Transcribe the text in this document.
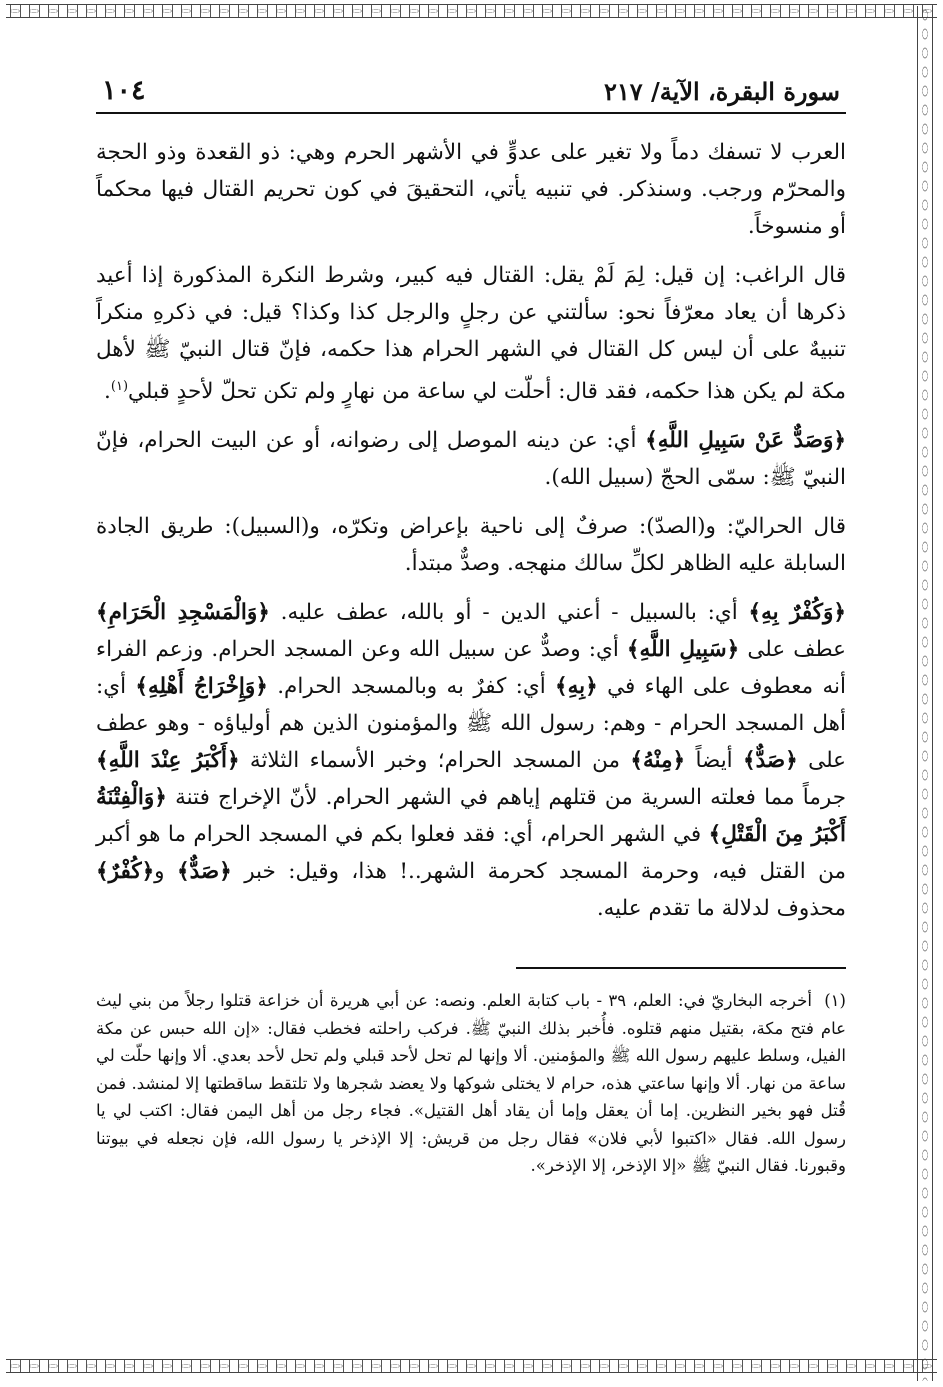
سورة البقرة، الآية/ ٢١٧
١٠٤

العرب لا تسفك دماً ولا تغير على عدوٍّ في الأشهر الحرم وهي: ذو القعدة وذو الحجة والمحرّم ورجب. وسنذكر. في تنبيه يأتي، التحقيقَ في كون تحريم القتال فيها محكماً أو منسوخاً.

قال الراغب: إن قيل: لِمَ لَمْ يقل: القتال فيه كبير، وشرط النكرة المذكورة إذا أعيد ذكرها أن يعاد معرّفاً نحو: سألتني عن رجلٍ والرجل كذا وكذا؟ قيل: في ذكرهِ منكراً تنبيهٌ على أن ليس كل القتال في الشهر الحرام هذا حكمه، فإنّ قتال النبيّ ﷺ لأهل مكة لم يكن هذا حكمه، فقد قال: أحلّت لي ساعة من نهارٍ ولم تكن تحلّ لأحدٍ قبلي$^{(١)}$.

﴿وَصَدٌّ عَنْ سَبِيلِ اللَّهِ﴾ أي: عن دينه الموصل إلى رضوانه، أو عن البيت الحرام، فإنّ النبيّ ﷺ: سمّى الحجّ (سبيل الله).

قال الحراليّ: و(الصدّ): صرفٌ إلى ناحية بإعراض وتكرّه، و(السبيل): طريق الجادة السابلة عليه الظاهر لكلِّ سالك منهجه. وصدٌّ مبتدأ.

﴿وَكُفْرٌ بِهِ﴾ أي: بالسبيل - أعني الدين - أو بالله، عطف عليه. ﴿وَالْمَسْجِدِ الْحَرَامِ﴾ عطف على ﴿سَبِيلِ اللَّهِ﴾ أي: وصدٌّ عن سبيل الله وعن المسجد الحرام. وزعم الفراء أنه معطوف على الهاء في ﴿بِهِ﴾ أي: كفرٌ به وبالمسجد الحرام. ﴿وَإِخْرَاجُ أَهْلِهِ﴾ أي: أهل المسجد الحرام - وهم: رسول الله ﷺ والمؤمنون الذين هم أولياؤه - وهو عطف على ﴿صَدٌّ﴾ أيضاً ﴿مِنْهُ﴾ من المسجد الحرام؛ وخبر الأسماء الثلاثة ﴿أَكْبَرُ عِنْدَ اللَّهِ﴾ جرماً مما فعلته السرية من قتلهم إياهم في الشهر الحرام. لأنّ الإخراج فتنة ﴿وَالْفِتْنَةُ أَكْبَرُ مِنَ الْقَتْلِ﴾ في الشهر الحرام، أي: فقد فعلوا بكم في المسجد الحرام ما هو أكبر من القتل فيه، وحرمة المسجد كحرمة الشهر..! هذا، وقيل: خبر ﴿صَدٌّ﴾ و﴿كُفْرٌ﴾ محذوف لدلالة ما تقدم عليه.

(١) أخرجه البخاريّ في: العلم، ٣٩ - باب كتابة العلم. ونصه: عن أبي هريرة أن خزاعة قتلوا رجلاً من بني ليث عام فتح مكة، بقتيل منهم قتلوه. فأُخبر بذلك النبيّ ﷺ. فركب راحلته فخطب فقال: «إن الله حبس عن مكة الفيل، وسلط عليهم رسول الله ﷺ والمؤمنين. ألا وإنها لم تحل لأحد قبلي ولم تحل لأحد بعدي. ألا وإنها حلّت لي ساعة من نهار. ألا وإنها ساعتي هذه، حرام لا يختلى شوكها ولا يعضد شجرها ولا تلتقط ساقطتها إلا لمنشد. فمن قُتل فهو بخير النظرين. إما أن يعقل وإما أن يقاد أهل القتيل». فجاء رجل من أهل اليمن فقال: اكتب لي يا رسول الله. فقال «اكتبوا لأبي فلان» فقال رجل من قريش: إلا الإذخر يا رسول الله، فإن نجعله في بيوتنا وقبورنا. فقال النبيّ ﷺ «إلا الإذخر، إلا الإذخر».
